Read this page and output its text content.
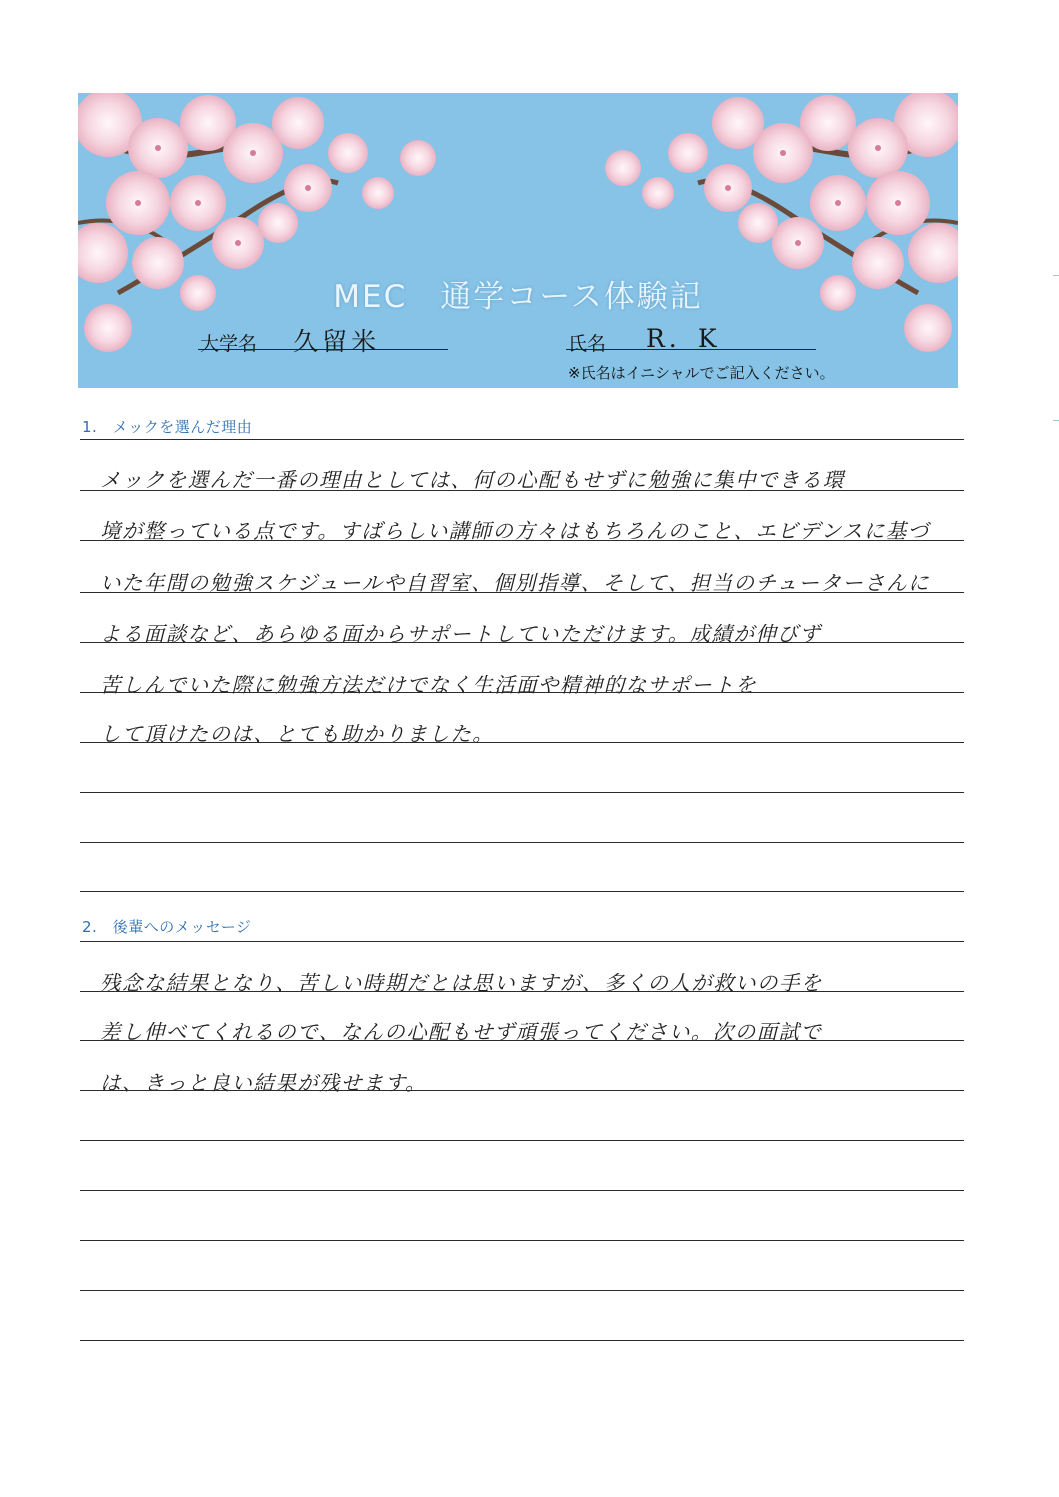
MEC　通学コース体験記
大学名 久留米	氏名 R．K
※氏名はイニシャルでご記入ください。
1.　メックを選んだ理由
メックを選んだ一番の理由としては、何の心配もせずに勉強に集中できる環
境が整っている点です。すばらしい講師の方々はもちろんのこと、エビデンスに基づ
いた年間の勉強スケジュールや自習室、個別指導、そして、担当のチューターさんに
よる面談など、あらゆる面からサポートしていただけます。成績が伸びず
苦しんでいた際に勉強方法だけでなく生活面や精神的なサポートを
して頂けたのは、とても助かりました。
2.　後輩へのメッセージ
残念な結果となり、苦しい時期だとは思いますが、多くの人が救いの手を
差し伸べてくれるので、なんの心配もせず頑張ってください。次の面試で
は、きっと良い結果が残せます。
